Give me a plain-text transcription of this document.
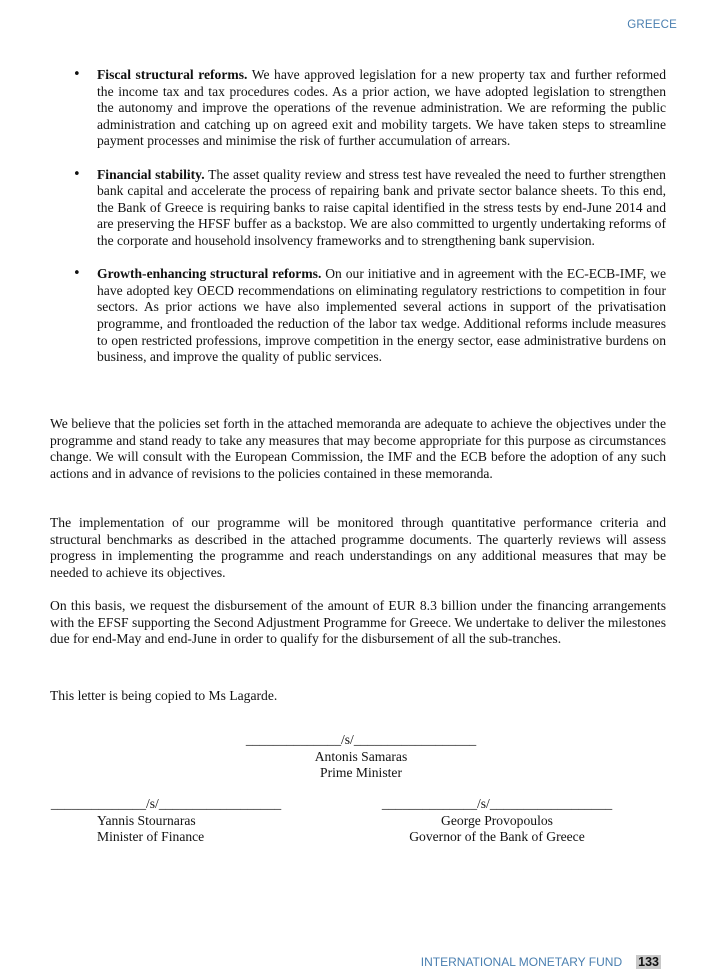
GREECE
• Fiscal structural reforms. We have approved legislation for a new property tax and further reformed the income tax and tax procedures codes. As a prior action, we have adopted legislation to strengthen the autonomy and improve the operations of the revenue administration. We are reforming the public administration and catching up on agreed exit and mobility targets. We have taken steps to streamline payment processes and minimise the risk of further accumulation of arrears.
• Financial stability. The asset quality review and stress test have revealed the need to further strengthen bank capital and accelerate the process of repairing bank and private sector balance sheets. To this end, the Bank of Greece is requiring banks to raise capital identified in the stress tests by end-June 2014 and are preserving the HFSF buffer as a backstop. We are also committed to urgently undertaking reforms of the corporate and household insolvency frameworks and to strengthening bank supervision.
• Growth-enhancing structural reforms. On our initiative and in agreement with the EC-ECB-IMF, we have adopted key OECD recommendations on eliminating regulatory restrictions to competition in four sectors. As prior actions we have also implemented several actions in support of the privatisation programme, and frontloaded the reduction of the labor tax wedge. Additional reforms include measures to open restricted professions, improve competition in the energy sector, ease administrative burdens on business, and improve the quality of public services.

We believe that the policies set forth in the attached memoranda are adequate to achieve the objectives under the programme and stand ready to take any measures that may become appropriate for this purpose as circumstances change. We will consult with the European Commission, the IMF and the ECB before the adoption of any such actions and in advance of revisions to the policies contained in these memoranda.

The implementation of our programme will be monitored through quantitative performance criteria and structural benchmarks as described in the attached programme documents. The quarterly reviews will assess progress in implementing the programme and reach understandings on any additional measures that may be needed to achieve its objectives.

On this basis, we request the disbursement of the amount of EUR 8.3 billion under the financing arrangements with the EFSF supporting the Second Adjustment Programme for Greece. We undertake to deliver the milestones due for end-May and end-June in order to qualify for the disbursement of all the sub-tranches.

This letter is being copied to Ms Lagarde.

______________/s/__________________
Antonis Samaras
Prime Minister
______________/s/__________________
Yannis Stournaras
Minister of Finance
______________/s/__________________
George Provopoulos
Governor of the Bank of Greece
INTERNATIONAL MONETARY FUND 133
